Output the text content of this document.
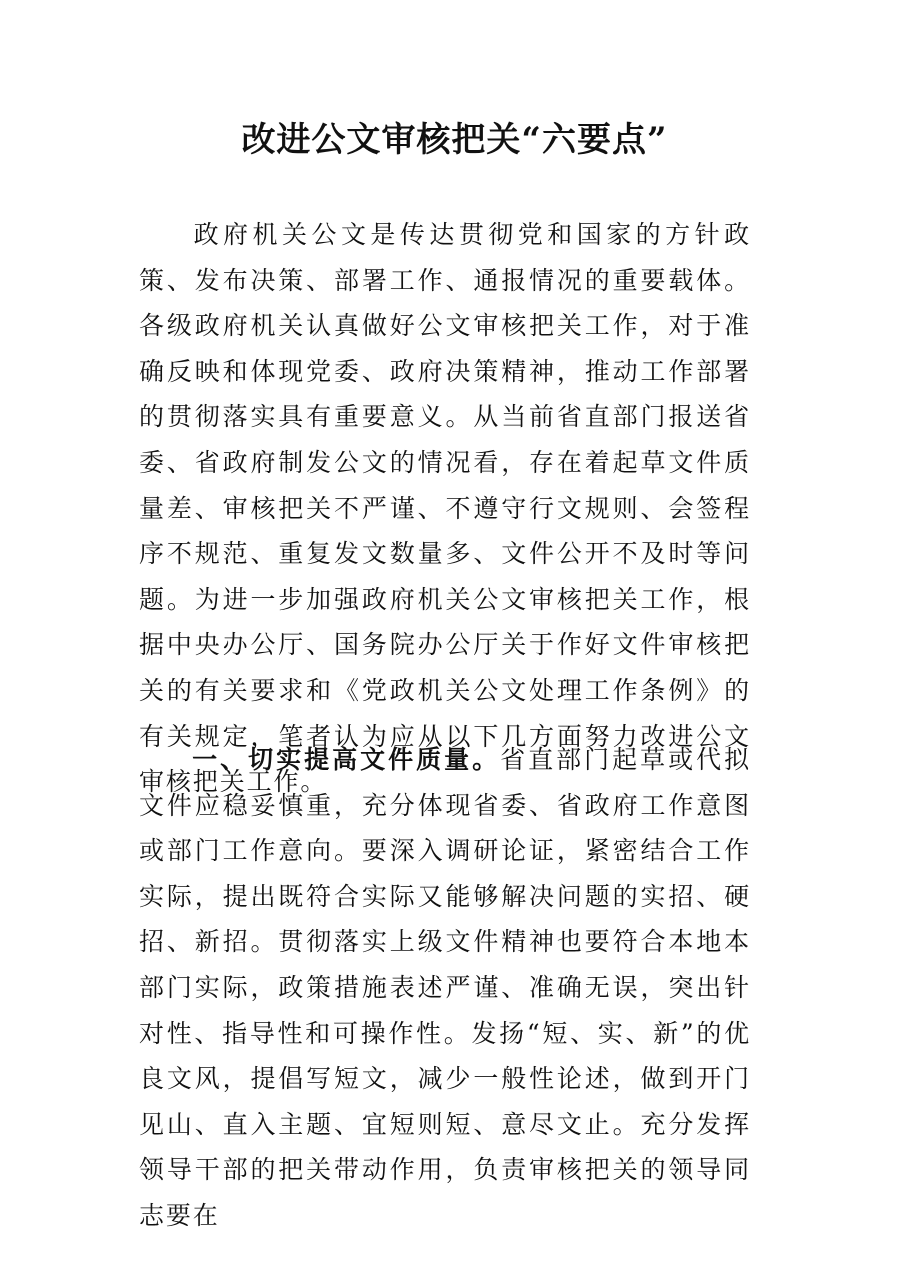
改进公文审核把关“六要点”
政府机关公文是传达贯彻党和国家的方针政策、发布决策、部署工作、通报情况的重要载体。各级政府机关认真做好公文审核把关工作，对于准确反映和体现党委、政府决策精神，推动工作部署的贯彻落实具有重要意义。从当前省直部门报送省委、省政府制发公文的情况看，存在着起草文件质量差、审核把关不严谨、不遵守行文规则、会签程序不规范、重复发文数量多、文件公开不及时等问题。为进一步加强政府机关公文审核把关工作，根据中央办公厅、国务院办公厅关于作好文件审核把关的有关要求和《党政机关公文处理工作条例》的有关规定，笔者认为应从以下几方面努力改进公文审核把关工作。
一、切实提高文件质量。省直部门起草或代拟文件应稳妥慎重，充分体现省委、省政府工作意图或部门工作意向。要深入调研论证，紧密结合工作实际，提出既符合实际又能够解决问题的实招、硬招、新招。贯彻落实上级文件精神也要符合本地本部门实际，政策措施表述严谨、准确无误，突出针对性、指导性和可操作性。发扬“短、实、新”的优良文风，提倡写短文，减少一般性论述，做到开门见山、直入主题、宜短则短、意尽文止。充分发挥领导干部的把关带动作用，负责审核把关的领导同志要在
